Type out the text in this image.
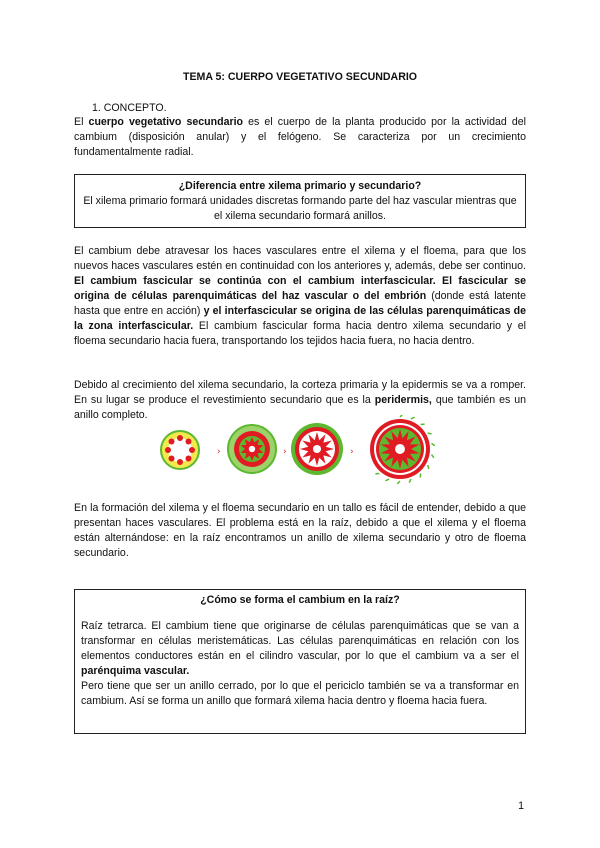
TEMA 5: CUERPO VEGETATIVO SECUNDARIO
1. CONCEPTO.

El cuerpo vegetativo secundario es el cuerpo de la planta producido por la actividad del cambium (disposición anular) y el felógeno. Se caracteriza por un crecimiento fundamentalmente radial.

¿Diferencia entre xilema primario y secundario?
El xilema primario formará unidades discretas formando parte del haz vascular mientras que el xilema secundario formará anillos.

El cambium debe atravesar los haces vasculares entre el xilema y el floema, para que los nuevos haces vasculares estén en continuidad con los anteriores y, además, debe ser continuo. El cambium fascicular se continúa con el cambium interfascicular. El fascicular se origina de células parenquimáticas del haz vascular o del embrión (donde está latente hasta que entre en acción) y el interfascicular se origina de las células parenquimáticas de la zona interfascicular. El cambium fascicular forma hacia dentro xilema secundario y el floema secundario hacia fuera, transportando los tejidos hacia fuera, no hacia dentro.

Debido al crecimiento del xilema secundario, la corteza primaria y la epidermis se va a romper. En su lugar se produce el revestimiento secundario que es la peridermis, que también es un anillo completo.

›	›	›

En la formación del xilema y el floema secundario en un tallo es fácil de entender, debido a que presentan haces vasculares. El problema está en la raíz, debido a que el xilema y el floema están alternándose: en la raíz encontramos un anillo de xilema secundario y otro de floema secundario.

¿Cómo se forma el cambium en la raíz?
Raíz tetrarca. El cambium tiene que originarse de células parenquimáticas que se van a transformar en células meristemáticas. Las células parenquimáticas en relación con los elementos conductores están en el cilindro vascular, por lo que el cambium va a ser el parénquima vascular.
Pero tiene que ser un anillo cerrado, por lo que el periciclo también se va a transformar en cambium. Así se forma un anillo que formará xilema hacia dentro y floema hacia fuera.
1
